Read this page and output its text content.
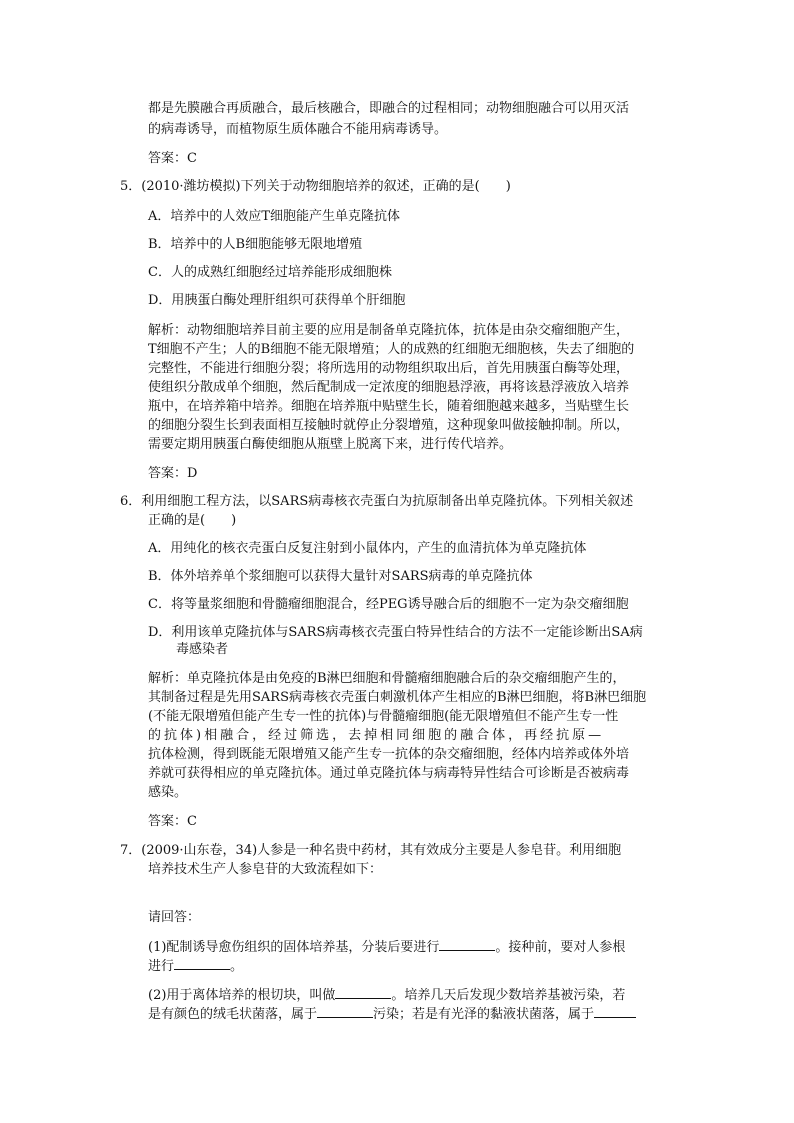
都是先膜融合再质融合，最后核融合，即融合的过程相同；动物细胞融合可以用灭活
的病毒诱导，而植物原生质体融合不能用病毒诱导。
答案：C
5．(2010·潍坊模拟)下列关于动物细胞培养的叙述，正确的是(　　)
A．培养中的人效应T细胞能产生单克隆抗体
B．培养中的人B细胞能够无限地增殖
C．人的成熟红细胞经过培养能形成细胞株
D．用胰蛋白酶处理肝组织可获得单个肝细胞
解析：动物细胞培养目前主要的应用是制备单克隆抗体，抗体是由杂交瘤细胞产生，
T细胞不产生；人的B细胞不能无限增殖；人的成熟的红细胞无细胞核，失去了细胞的
完整性，不能进行细胞分裂；将所选用的动物组织取出后，首先用胰蛋白酶等处理，
使组织分散成单个细胞，然后配制成一定浓度的细胞悬浮液，再将该悬浮液放入培养
瓶中，在培养箱中培养。细胞在培养瓶中贴壁生长，随着细胞越来越多，当贴壁生长
的细胞分裂生长到表面相互接触时就停止分裂增殖，这种现象叫做接触抑制。所以，
需要定期用胰蛋白酶使细胞从瓶壁上脱离下来，进行传代培养。
答案：D
6．利用细胞工程方法，以SARS病毒核衣壳蛋白为抗原制备出单克隆抗体。下列相关叙述
正确的是(　　)
A．用纯化的核衣壳蛋白反复注射到小鼠体内，产生的血清抗体为单克隆抗体
B．体外培养单个浆细胞可以获得大量针对SARS病毒的单克隆抗体
C．将等量浆细胞和骨髓瘤细胞混合，经PEG诱导融合后的细胞不一定为杂交瘤细胞
D．利用该单克隆抗体与SARS病毒核衣壳蛋白特异性结合的方法不一定能诊断出SA病
毒感染者
解析：单克隆抗体是由免疫的B淋巴细胞和骨髓瘤细胞融合后的杂交瘤细胞产生的，
其制备过程是先用SARS病毒核衣壳蛋白刺激机体产生相应的B淋巴细胞，将B淋巴细胞
(不能无限增殖但能产生专一性的抗体)与骨髓瘤细胞(能无限增殖但不能产生专一性
的抗体)相融合，经过筛选，去掉相同细胞的融合体，再经抗原—
抗体检测，得到既能无限增殖又能产生专一抗体的杂交瘤细胞，经体内培养或体外培
养就可获得相应的单克隆抗体。通过单克隆抗体与病毒特异性结合可诊断是否被病毒
感染。
答案：C
7．(2009·山东卷，34)人参是一种名贵中药材，其有效成分主要是人参皂苷。利用细胞
培养技术生产人参皂苷的大致流程如下：
请回答：
(1)配制诱导愈伤组织的固体培养基，分装后要进行	。接种前，要对人参根
进行	。
(2)用于离体培养的根切块，叫做	。培养几天后发现少数培养基被污染，若
是有颜色的绒毛状菌落，属于	污染；若是有光泽的黏液状菌落，属于
